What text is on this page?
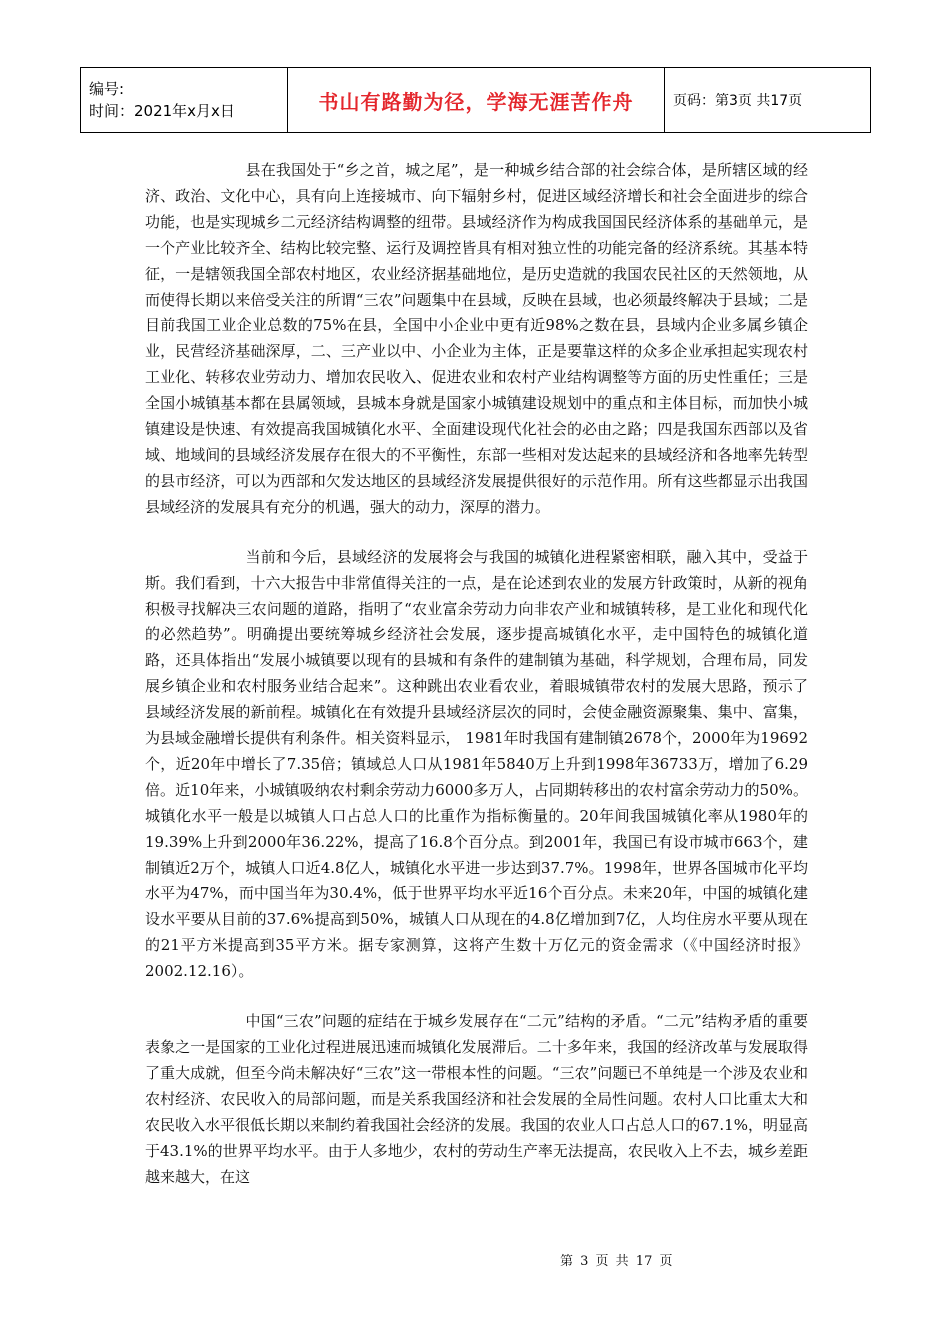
编号:
时间：2021年x月x日	书山有路勤为径，学海无涯苦作舟	页码：第3页 共17页

县在我国处于“乡之首，城之尾”，是一种城乡结合部的社会综合体，是所辖区域的经济、政治、文化中心，具有向上连接城市、向下辐射乡村，促进区域经济增长和社会全面进步的综合功能，也是实现城乡二元经济结构调整的纽带。县域经济作为构成我国国民经济体系的基础单元，是一个产业比较齐全、结构比较完整、运行及调控皆具有相对独立性的功能完备的经济系统。其基本特征，一是辖领我国全部农村地区，农业经济据基础地位，是历史造就的我国农民社区的天然领地，从而使得长期以来倍受关注的所谓“三农”问题集中在县域，反映在县域，也必须最终解决于县域；二是目前我国工业企业总数的75%在县，全国中小企业中更有近98%之数在县，县域内企业多属乡镇企业，民营经济基础深厚，二、三产业以中、小企业为主体，正是要靠这样的众多企业承担起实现农村工业化、转移农业劳动力、增加农民收入、促进农业和农村产业结构调整等方面的历史性重任；三是全国小城镇基本都在县属领域，县城本身就是国家小城镇建设规划中的重点和主体目标，而加快小城镇建设是快速、有效提高我国城镇化水平、全面建设现代化社会的必由之路；四是我国东西部以及省域、地域间的县域经济发展存在很大的不平衡性，东部一些相对发达起来的县域经济和各地率先转型的县市经济，可以为西部和欠发达地区的县域经济发展提供很好的示范作用。所有这些都显示出我国县域经济的发展具有充分的机遇，强大的动力，深厚的潜力。

当前和今后，县域经济的发展将会与我国的城镇化进程紧密相联，融入其中，受益于斯。我们看到，十六大报告中非常值得关注的一点，是在论述到农业的发展方针政策时，从新的视角积极寻找解决三农问题的道路，指明了“农业富余劳动力向非农产业和城镇转移，是工业化和现代化的必然趋势”。明确提出要统筹城乡经济社会发展，逐步提高城镇化水平，走中国特色的城镇化道路，还具体指出“发展小城镇要以现有的县城和有条件的建制镇为基础，科学规划，合理布局，同发展乡镇企业和农村服务业结合起来”。这种跳出农业看农业，着眼城镇带农村的发展大思路，预示了县域经济发展的新前程。城镇化在有效提升县域经济层次的同时，会使金融资源聚集、集中、富集，为县域金融增长提供有利条件。相关资料显示， 1981年时我国有建制镇2678个，2000年为19692个，近20年中增长了7.35倍；镇域总人口从1981年5840万上升到1998年36733万，增加了6.29倍。近10年来，小城镇吸纳农村剩余劳动力6000多万人，占同期转移出的农村富余劳动力的50%。城镇化水平一般是以城镇人口占总人口的比重作为指标衡量的。20年间我国城镇化率从1980年的19.39%上升到2000年36.22%，提高了16.8个百分点。到2001年，我国已有设市城市663个，建制镇近2万个，城镇人口近4.8亿人，城镇化水平进一步达到37.7%。1998年，世界各国城市化平均水平为47%，而中国当年为30.4%，低于世界平均水平近16个百分点。未来20年，中国的城镇化建设水平要从目前的37.6%提高到50%，城镇人口从现在的4.8亿增加到7亿，人均住房水平要从现在的21平方米提高到35平方米。据专家测算，这将产生数十万亿元的资金需求（《中国经济时报》2002.12.16）。

中国“三农”问题的症结在于城乡发展存在“二元”结构的矛盾。“二元”结构矛盾的重要表象之一是国家的工业化过程进展迅速而城镇化发展滞后。二十多年来，我国的经济改革与发展取得了重大成就，但至今尚未解决好“三农”这一带根本性的问题。“三农”问题已不单纯是一个涉及农业和农村经济、农民收入的局部问题，而是关系我国经济和社会发展的全局性问题。农村人口比重太大和农民收入水平很低长期以来制约着我国社会经济的发展。我国的农业人口占总人口的67.1%，明显高于43.1%的世界平均水平。由于人多地少，农村的劳动生产率无法提高，农民收入上不去，城乡差距越来越大，在这

第 3 页 共 17 页
